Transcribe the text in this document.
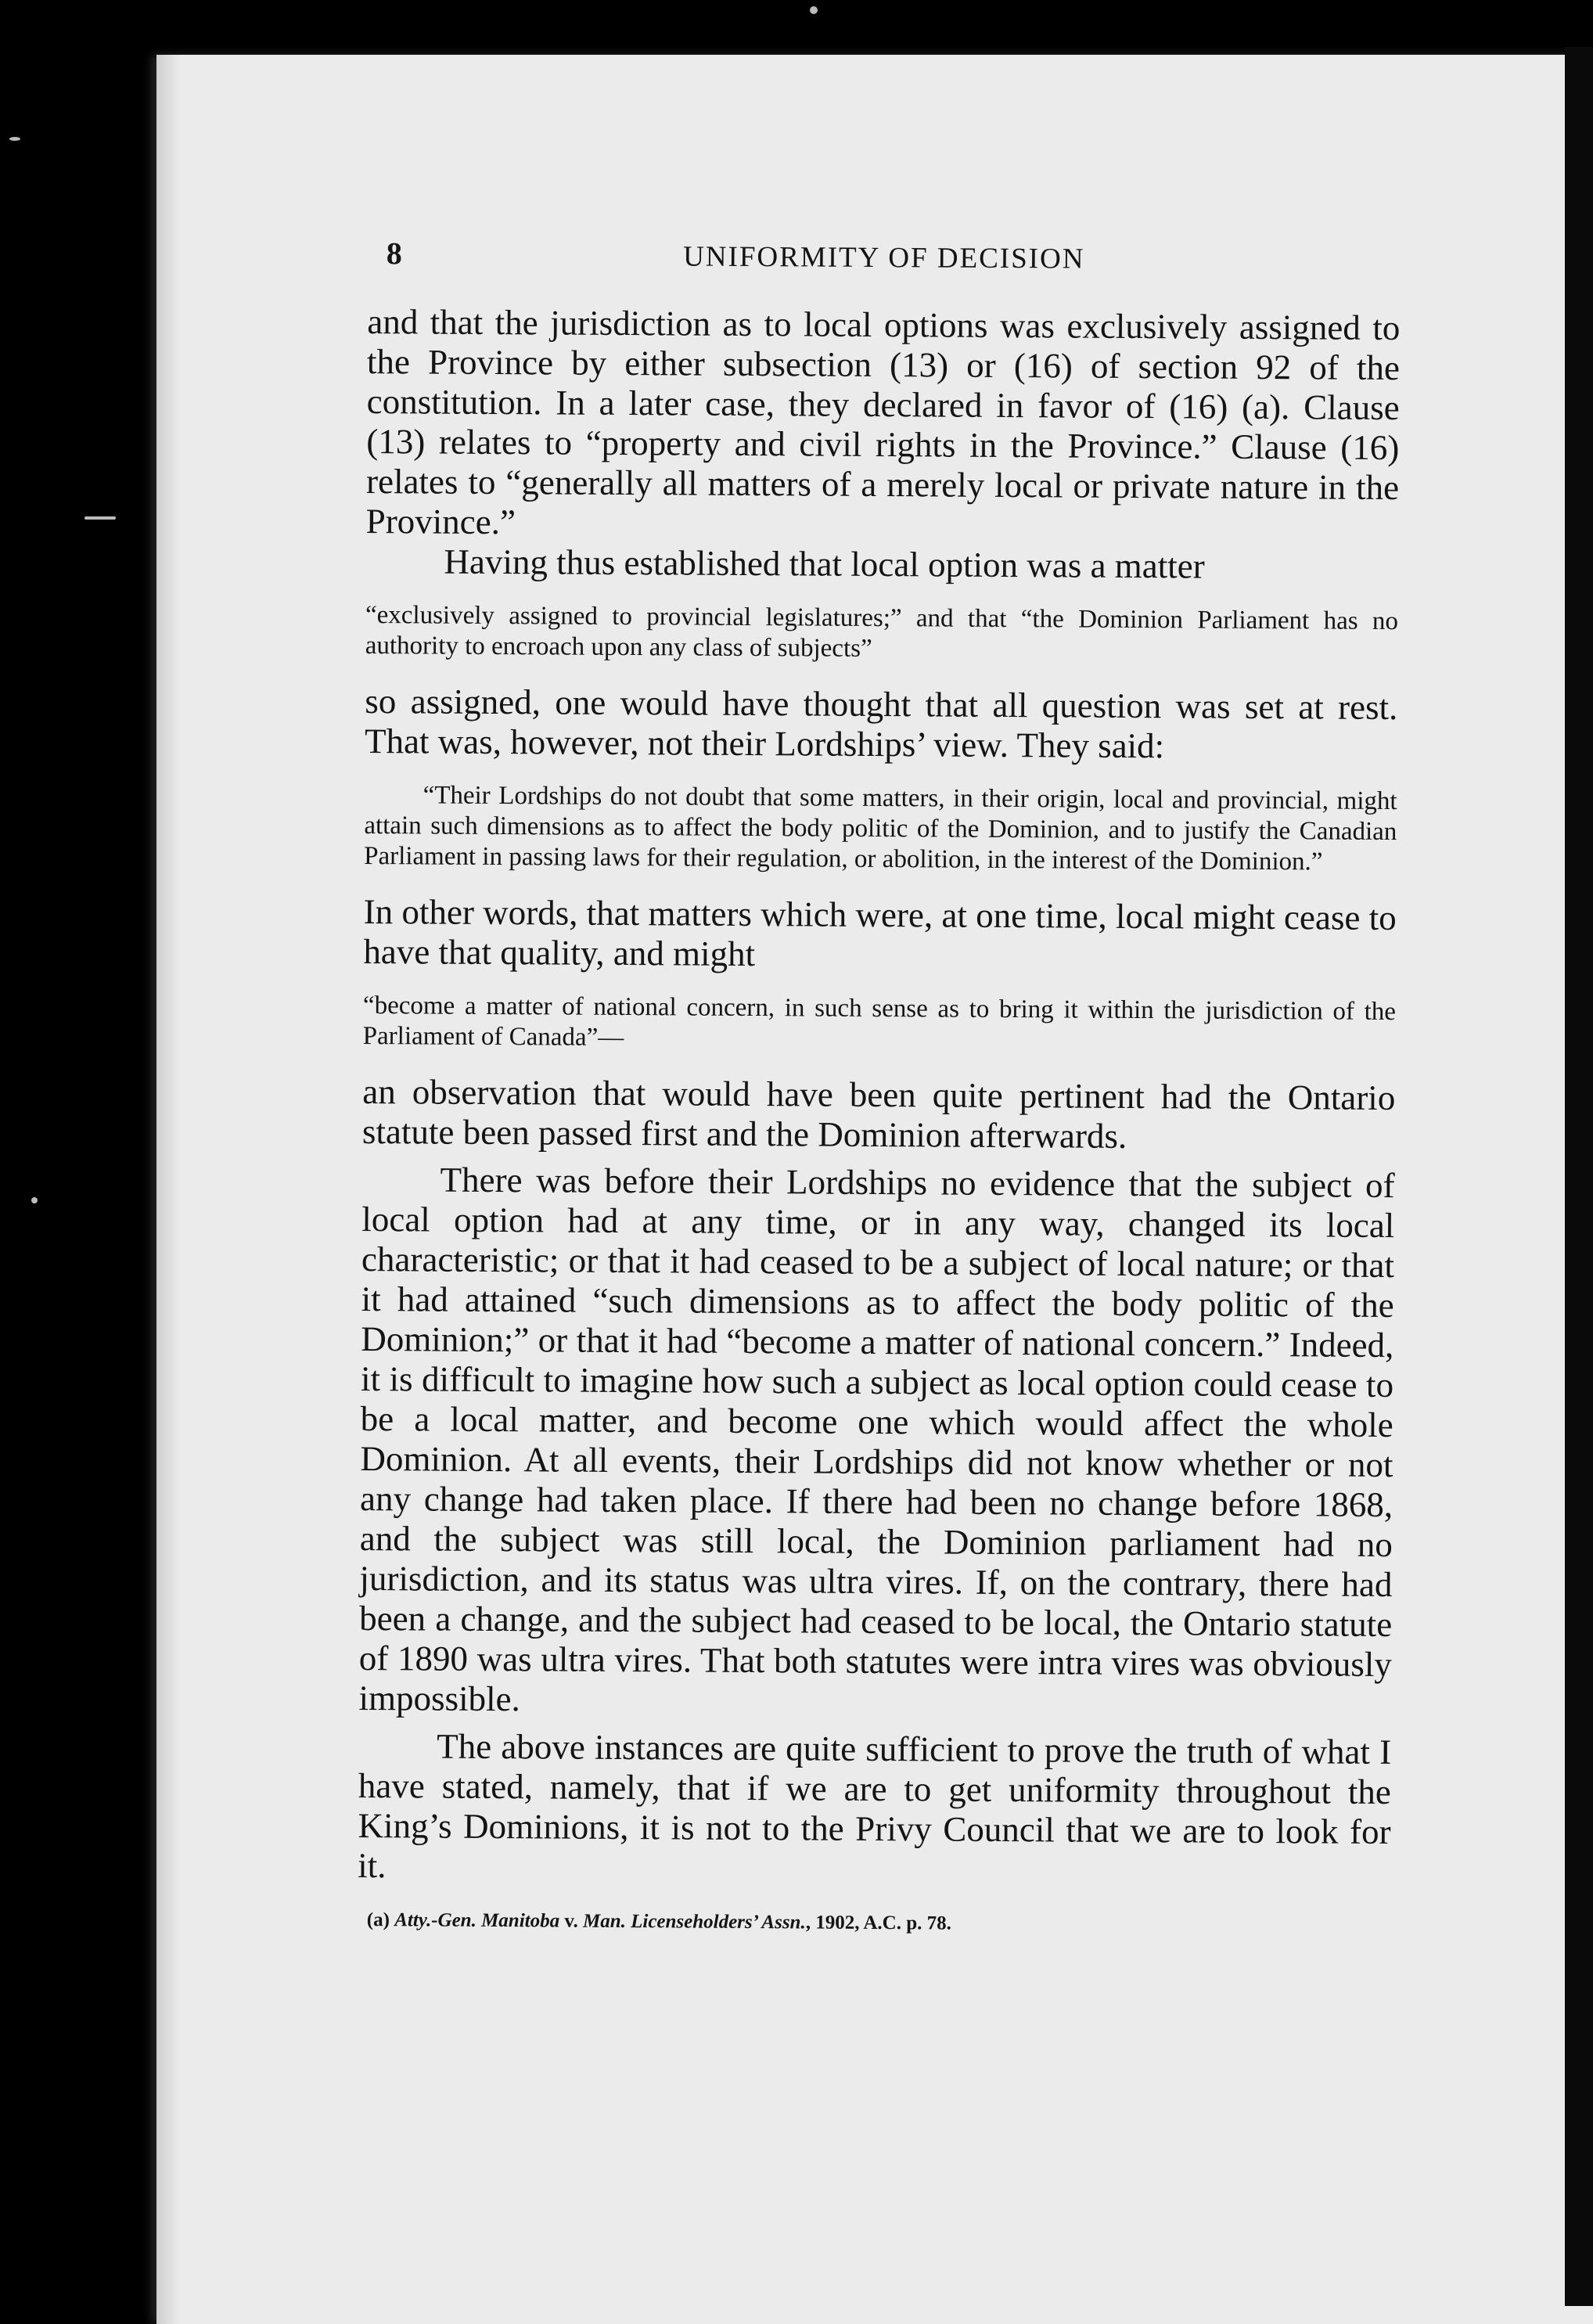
8	UNIFORMITY OF DECISION

and that the jurisdiction as to local options was exclusively assigned to the Province by either subsection (13) or (16) of section 92 of the constitution. In a later case, they declared in favor of (16) (a). Clause (13) relates to “property and civil rights in the Province.” Clause (16) relates to “generally all matters of a merely local or private nature in the Province.”

Having thus established that local option was a matter

“exclusively assigned to provincial legislatures;” and that “the Dominion Parliament has no authority to encroach upon any class of subjects”

so assigned, one would have thought that all question was set at rest. That was, however, not their Lordships’ view. They said:

“Their Lordships do not doubt that some matters, in their origin, local and provincial, might attain such dimensions as to affect the body politic of the Dominion, and to justify the Canadian Parliament in passing laws for their regulation, or abolition, in the interest of the Dominion.”

In other words, that matters which were, at one time, local might cease to have that quality, and might

“become a matter of national concern, in such sense as to bring it within the jurisdiction of the Parliament of Canada”—

an observation that would have been quite pertinent had the Ontario statute been passed first and the Dominion afterwards.

There was before their Lordships no evidence that the subject of local option had at any time, or in any way, changed its local characteristic; or that it had ceased to be a subject of local nature; or that it had attained “such dimensions as to affect the body politic of the Dominion;” or that it had “become a matter of national concern.” Indeed, it is difficult to imagine how such a subject as local option could cease to be a local matter, and become one which would affect the whole Dominion. At all events, their Lordships did not know whether or not any change had taken place. If there had been no change before 1868, and the subject was still local, the Dominion parliament had no jurisdiction, and its status was ultra vires. If, on the contrary, there had been a change, and the subject had ceased to be local, the Ontario statute of 1890 was ultra vires. That both statutes were intra vires was obviously impossible.

The above instances are quite sufficient to prove the truth of what I have stated, namely, that if we are to get uniformity throughout the King’s Dominions, it is not to the Privy Council that we are to look for it.

(a) Atty.-Gen. Manitoba v. Man. Licenseholders’ Assn., 1902, A.C. p. 78.
